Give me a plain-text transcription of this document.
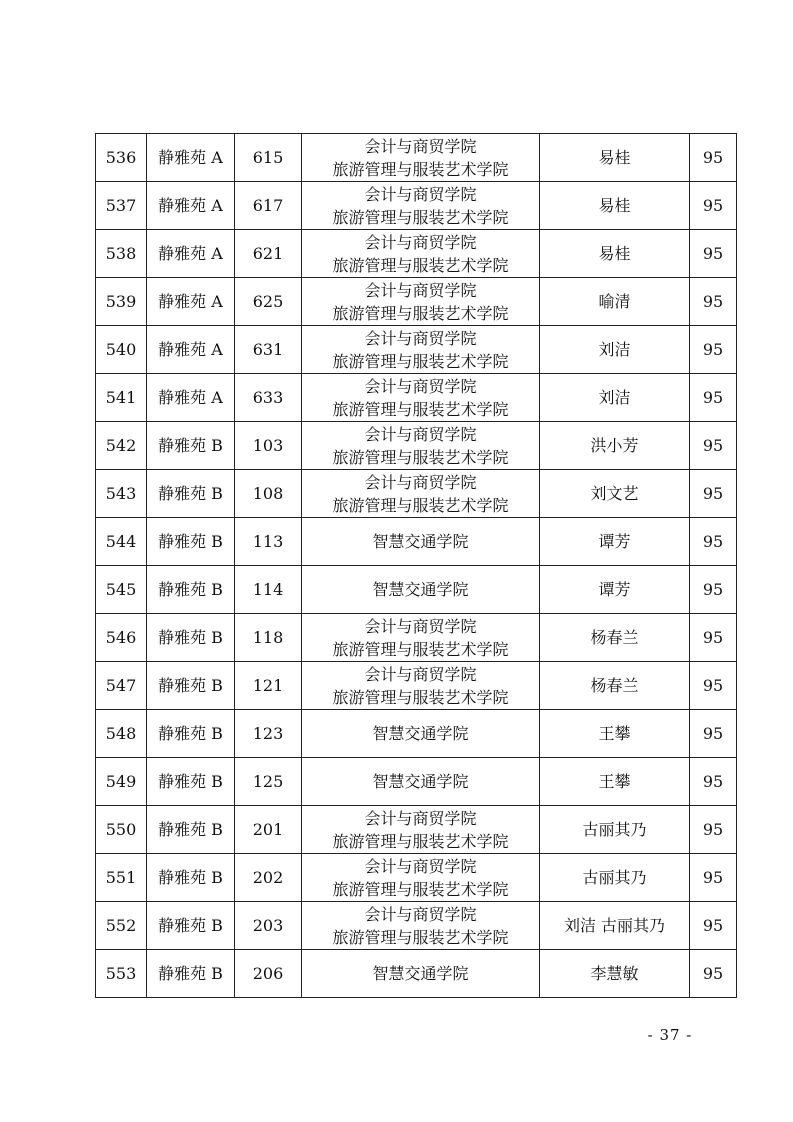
536	静雅苑 A	615	会计与商贸学院
旅游管理与服装艺术学院	易桂	95
537	静雅苑 A	617	会计与商贸学院
旅游管理与服装艺术学院	易桂	95
538	静雅苑 A	621	会计与商贸学院
旅游管理与服装艺术学院	易桂	95
539	静雅苑 A	625	会计与商贸学院
旅游管理与服装艺术学院	喻清	95
540	静雅苑 A	631	会计与商贸学院
旅游管理与服装艺术学院	刘洁	95
541	静雅苑 A	633	会计与商贸学院
旅游管理与服装艺术学院	刘洁	95
542	静雅苑 B	103	会计与商贸学院
旅游管理与服装艺术学院	洪小芳	95
543	静雅苑 B	108	会计与商贸学院
旅游管理与服装艺术学院	刘文艺	95
544	静雅苑 B	113	智慧交通学院	谭芳	95
545	静雅苑 B	114	智慧交通学院	谭芳	95
546	静雅苑 B	118	会计与商贸学院
旅游管理与服装艺术学院	杨春兰	95
547	静雅苑 B	121	会计与商贸学院
旅游管理与服装艺术学院	杨春兰	95
548	静雅苑 B	123	智慧交通学院	王攀	95
549	静雅苑 B	125	智慧交通学院	王攀	95
550	静雅苑 B	201	会计与商贸学院
旅游管理与服装艺术学院	古丽其乃	95
551	静雅苑 B	202	会计与商贸学院
旅游管理与服装艺术学院	古丽其乃	95
552	静雅苑 B	203	会计与商贸学院
旅游管理与服装艺术学院	刘洁 古丽其乃	95
553	静雅苑 B	206	智慧交通学院	李慧敏	95
- 37 -
